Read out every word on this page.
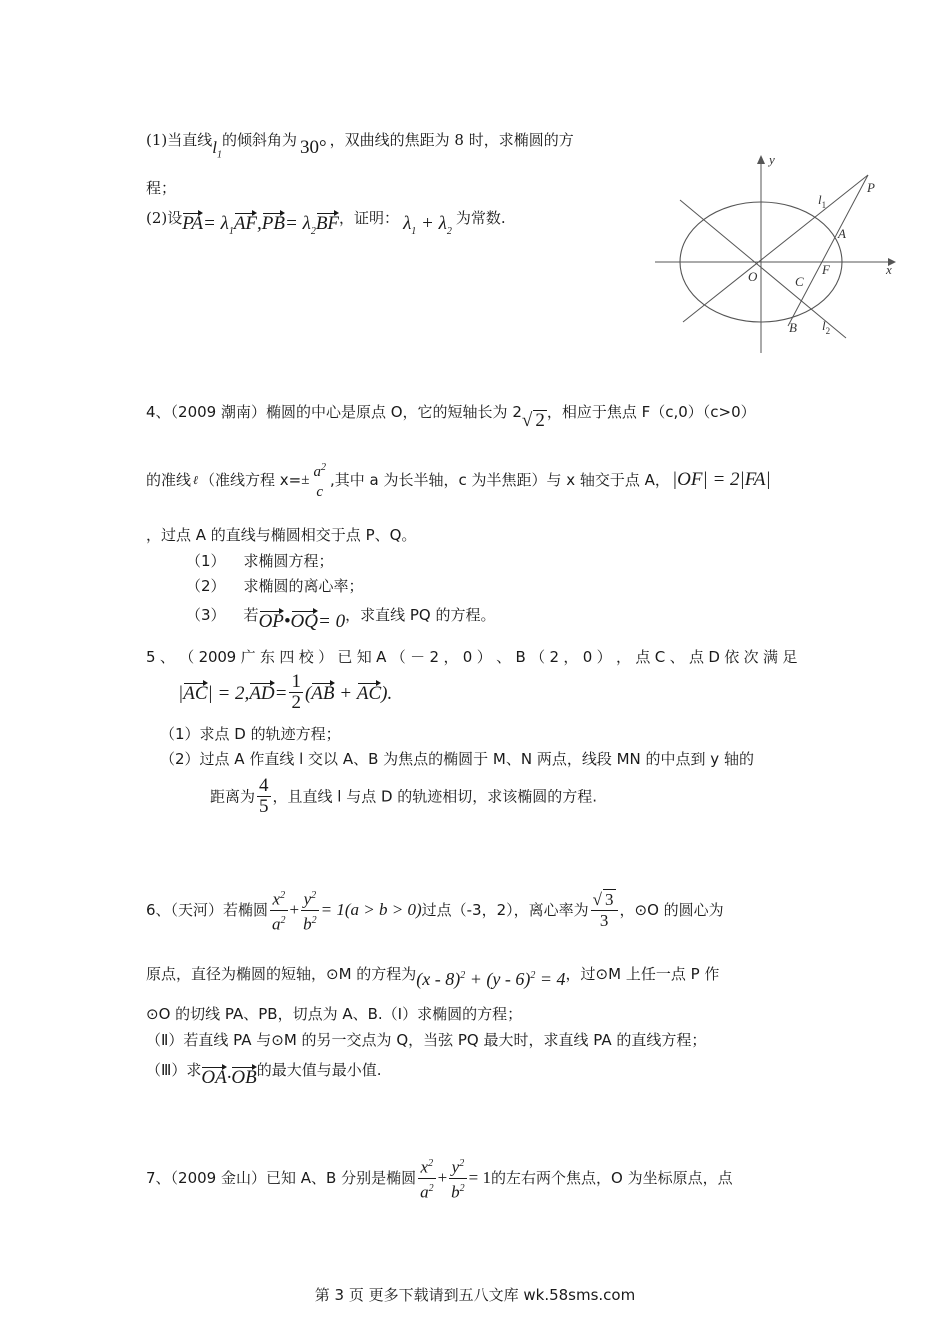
(1)当直线$l_1$的倾斜角为 30° ，双曲线的焦距为 8 时，求椭圆的方
程；
(2)设$PA= \lambda_1AF,PB= \lambda_2BF$，证明： $\lambda_1 + \lambda_2$为常数.
y
x
O
P
A
F
C
B
$l_1$
$l_2$
4、（2009 潮南）椭圆的中心是原点 O，它的短轴长为 2√ 2 ，相应于焦点 F（c,0）（c>0）
的准线 ℓ （准线方程 $x=\pm a^2$
c
,其中 a 为长半轴，c 为半焦距）与 x 轴交于点 A， |OF| = 2|FA|
，过点 A 的直线与椭圆相交于点 P、Q。
（1） 求椭圆方程；
（2） 求椭圆的离心率；
（3） 若OP•OQ= 0，求直线 PQ 的方程。
5 、 （ 2009 广 东 四 校 ） 已 知 A （ － 2 ， 0 ） 、 B （ 2 ， 0 ） ， 点 C 、 点 D 依 次 满 足
$|AC| = 2,AD= \frac{1}{2} (AB + AC)$.
（1）求点 D 的轨迹方程；
（2）过点 A 作直线 l 交以 A、B 为焦点的椭圆于 M、N 两点，线段 MN 的中点到 y 轴的
距离为 $\frac{4}{5}$ ，且直线 l 与点 D 的轨迹相切，求该椭圆的方程.
6、（天河）若椭圆 $\frac{x^2}{a^2} + \frac{y^2}{b^2} = 1(a > b > 0)$过点（-3，2），离心率为 $\frac{√ 3}{3}$ ，⊙O 的圆心为
原点，直径为椭圆的短轴，⊙M 的方程为(x - 8)$^2$ + (y - 6)$^2$ = 4，过⊙M 上任一点 P 作
⊙O 的切线 PA、PB，切点为 A、B.（Ⅰ）求椭圆的方程；
（Ⅱ）若直线 PA 与⊙M 的另一交点为 Q，当弦 PQ 最大时，求直线 PA 的直线方程；
（Ⅲ）求OA·OB的最大值与最小值.
7、（2009 金山）已知 A、B 分别是椭圆 $\frac{x^2}{a^2} + \frac{y^2}{b^2} = 1$的左右两个焦点，O 为坐标原点，点
第 3 页 更多下载请到五八文库 wk.58sms.com
